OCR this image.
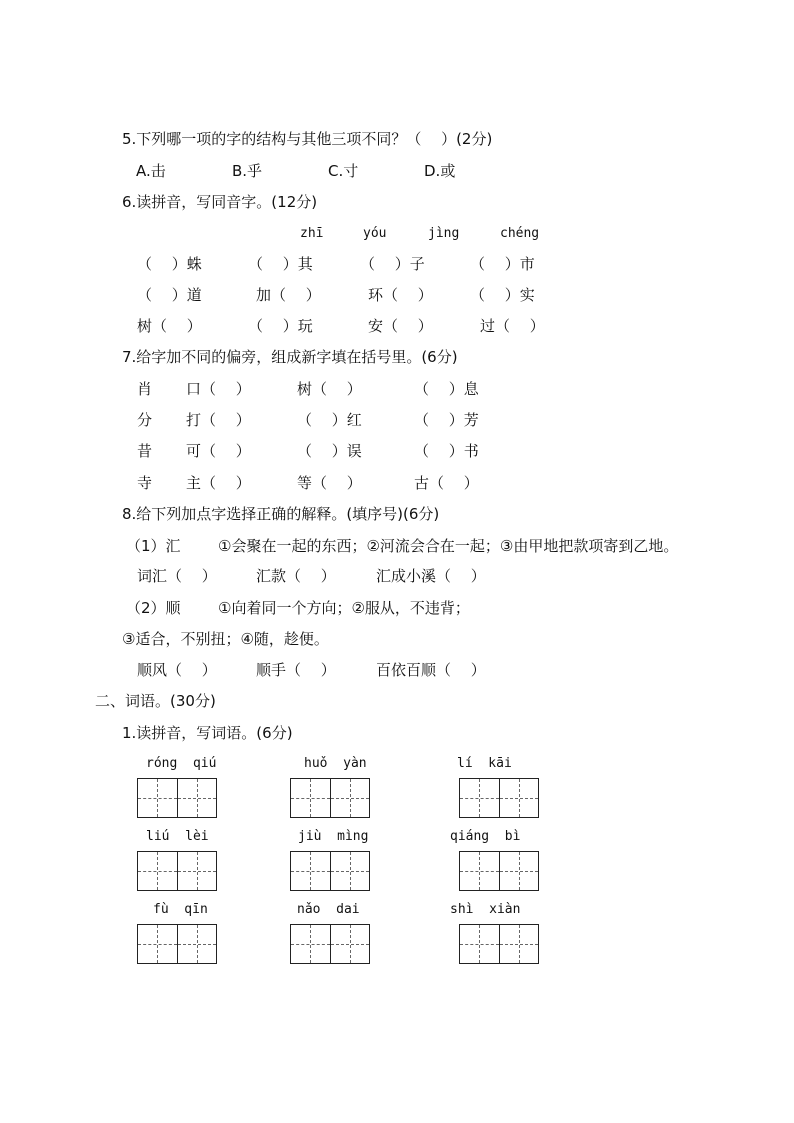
5.下列哪一项的字的结构与其他三项不同？（　 ）(2分)
A.击	B.乎	C.寸	D.或
6.读拼音，写同音字。(12分)
zhī	yóu	jìng	chéng
（　 ）蛛	（　 ）其	（　 ）子	（　 ）市
（　 ）道	加（　 ）	环（　 ） （　 ）实
树（　 ）	（　 ）玩	安（　 ）	过（　 ）
7.给字加不同的偏旁，组成新字填在括号里。(6分)
肖 口（　 ）	树（　 ）	（　 ）息
分 打（　 ）	（　 ）红	（　 ）芳
昔 可（　 ）	（　 ）误	（　 ）书
寺 主（　 ）	等（　 ）	古（　 ）
8.给下列加点字选择正确的解释。(填序号)(6分)
（1）汇 ①会聚在一起的东西；②河流会合在一起；③由甲地把款项寄到乙地。
词汇（　 ）	汇款（　 ）	汇成小溪（　 ）
（2）顺 ①向着同一个方向；②服从，不违背；
③适合，不别扭；④随，趁便。
顺风（　 ）	顺手（　 ）	百依百顺（　 ）
二、词语。(30分)
1.读拼音，写词语。(6分)
róng  qiú	huǒ  yàn	lí  kāi
liú  lèi	jiù  mìng	qiáng  bì
fù  qīn	nǎo  dai	shì  xiàn
